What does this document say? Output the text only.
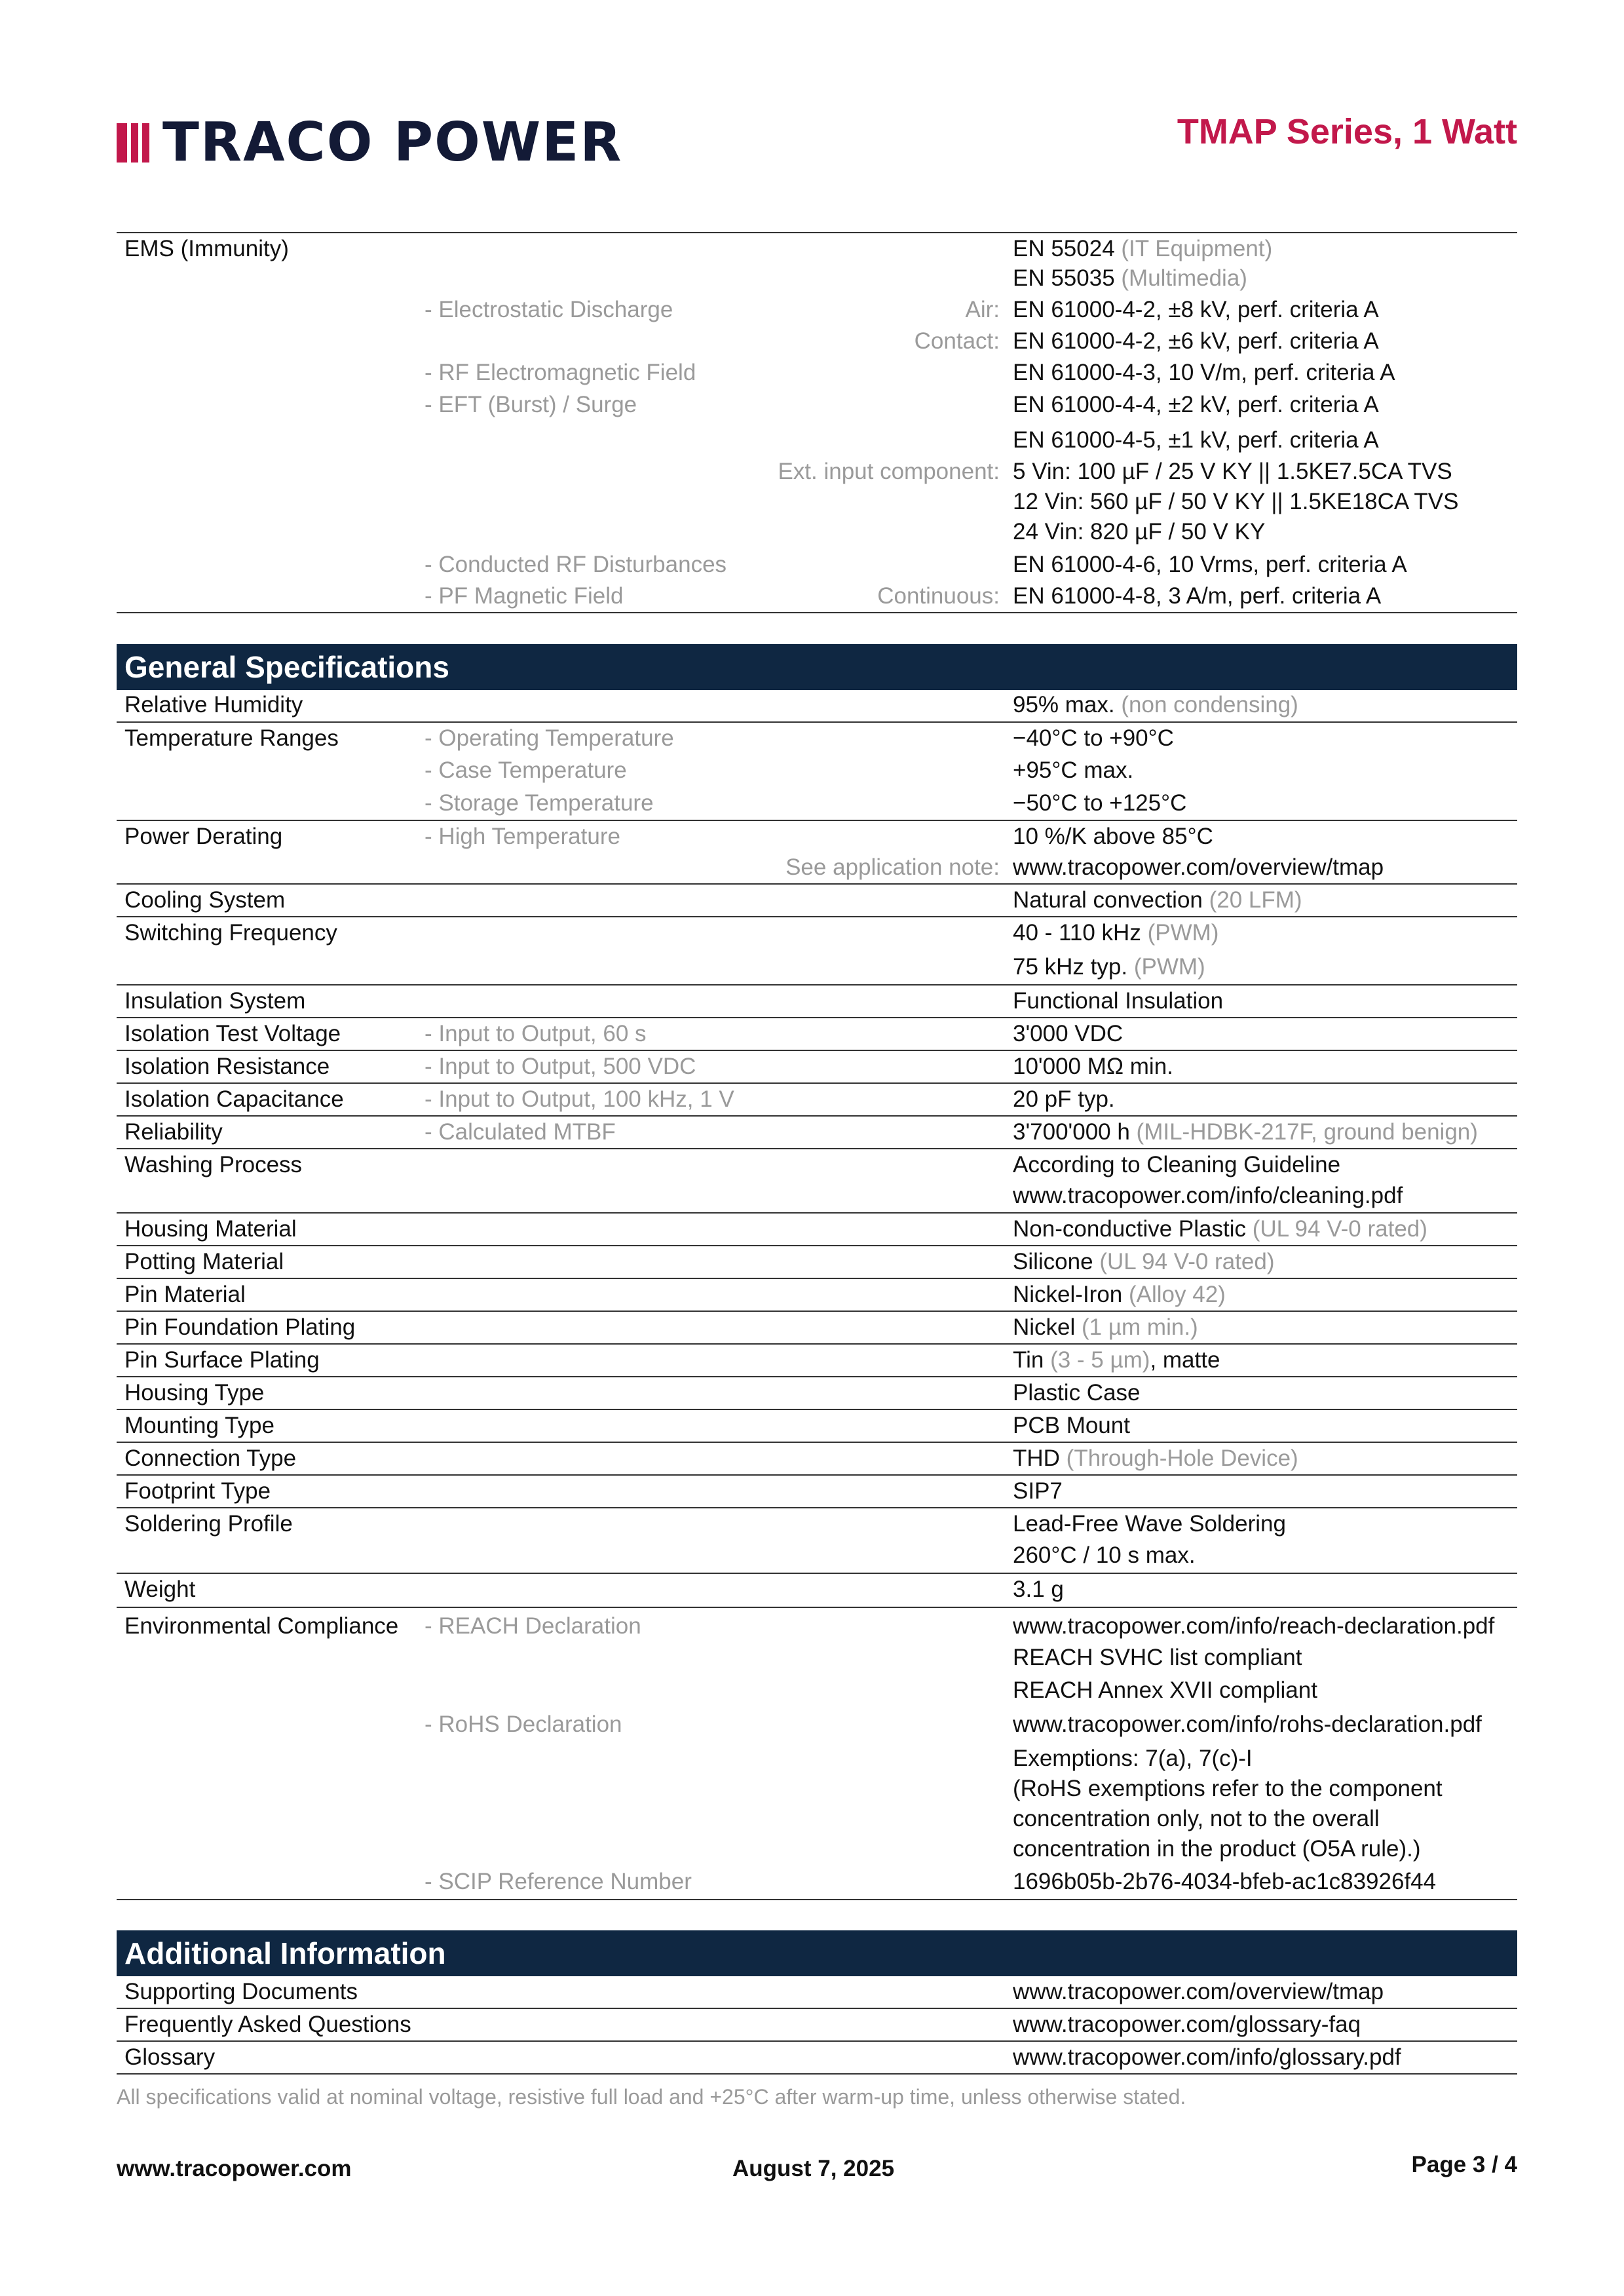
TRACO POWER	TMAP Series, 1 Watt
EMS (Immunity)	EN 55024 (IT Equipment)
EN 55035 (Multimedia)
- Electrostatic Discharge	Air: EN 61000-4-2, ±8 kV, perf. criteria A
Contact: EN 61000-4-2, ±6 kV, perf. criteria A
- RF Electromagnetic Field	EN 61000-4-3, 10 V/m, perf. criteria A
- EFT (Burst) / Surge	EN 61000-4-4, ±2 kV, perf. criteria A
EN 61000-4-5, ±1 kV, perf. criteria A
Ext. input component: 5 Vin: 100 µF / 25 V KY || 1.5KE7.5CA TVS
12 Vin: 560 µF / 50 V KY || 1.5KE18CA TVS
24 Vin: 820 µF / 50 V KY
- Conducted RF Disturbances	EN 61000-4-6, 10 Vrms, perf. criteria A
- PF Magnetic Field	Continuous: EN 61000-4-8, 3 A/m, perf. criteria A
General Specifications
Relative Humidity	95% max. (non condensing)
Temperature Ranges	- Operating Temperature	−40°C to +90°C
- Case Temperature	+95°C max.
- Storage Temperature	−50°C to +125°C
Power Derating	- High Temperature	10 %/K above 85°C
See application note: www.tracopower.com/overview/tmap
Cooling System	Natural convection (20 LFM)
Switching Frequency	40 - 110 kHz (PWM)
75 kHz typ. (PWM)
Insulation System	Functional Insulation
Isolation Test Voltage	- Input to Output, 60 s	3'000 VDC
Isolation Resistance	- Input to Output, 500 VDC	10'000 MΩ min.
Isolation Capacitance	- Input to Output, 100 kHz, 1 V	20 pF typ.
Reliability	- Calculated MTBF	3'700'000 h (MIL-HDBK-217F, ground benign)
Washing Process	According to Cleaning Guideline
www.tracopower.com/info/cleaning.pdf
Housing Material	Non-conductive Plastic (UL 94 V-0 rated)
Potting Material	Silicone (UL 94 V-0 rated)
Pin Material	Nickel-Iron (Alloy 42)
Pin Foundation Plating	Nickel (1 µm min.)
Pin Surface Plating	Tin (3 - 5 µm), matte
Housing Type	Plastic Case
Mounting Type	PCB Mount
Connection Type	THD (Through-Hole Device)
Footprint Type	SIP7
Soldering Profile	Lead-Free Wave Soldering
260°C / 10 s max.
Weight	3.1 g
Environmental Compliance - REACH Declaration	www.tracopower.com/info/reach-declaration.pdf
REACH SVHC list compliant
REACH Annex XVII compliant
- RoHS Declaration	www.tracopower.com/info/rohs-declaration.pdf
Exemptions: 7(a), 7(c)-I
(RoHS exemptions refer to the component
concentration only, not to the overall
concentration in the product (O5A rule).)
- SCIP Reference Number	1696b05b-2b76-4034-bfeb-ac1c83926f44
Additional Information
Supporting Documents	www.tracopower.com/overview/tmap
Frequently Asked Questions	www.tracopower.com/glossary-faq
Glossary	www.tracopower.com/info/glossary.pdf
All specifications valid at nominal voltage, resistive full load and +25°C after warm-up time, unless otherwise stated.
www.tracopower.com	August 7, 2025	Page 3 / 4
